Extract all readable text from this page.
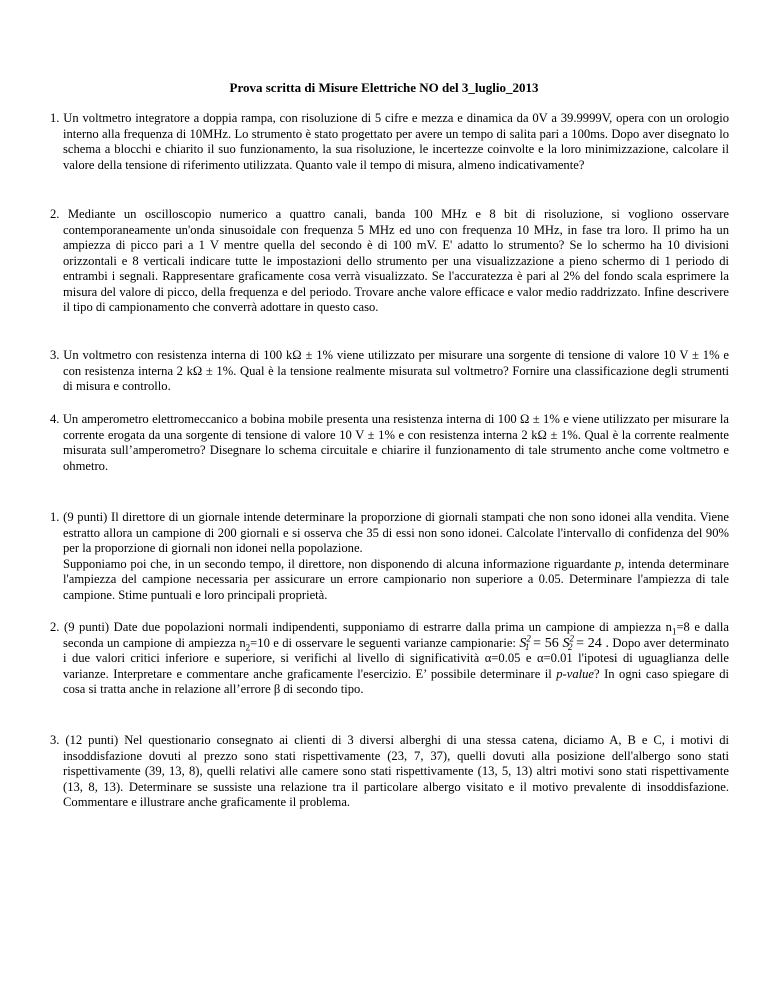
Prova scritta di Misure Elettriche NO del 3_luglio_2013
1. Un voltmetro integratore a doppia rampa, con risoluzione di 5 cifre e mezza e dinamica da 0V a 39.9999V, opera con un orologio interno alla frequenza di 10MHz. Lo strumento è stato progettato per avere un tempo di salita pari a 100ms. Dopo aver disegnato lo schema a blocchi e chiarito il suo funzionamento, la sua risoluzione, le incertezze coinvolte e la loro minimizzazione, calcolare il valore della tensione di riferimento utilizzata. Quanto vale il tempo di misura, almeno indicativamente?
2. Mediante un oscilloscopio numerico a quattro canali, banda 100 MHz e 8 bit di risoluzione, si vogliono osservare contemporaneamente un'onda sinusoidale con frequenza 5 MHz ed uno con frequenza 10 MHz, in fase tra loro. Il primo ha un ampiezza di picco pari a 1 V mentre quella del secondo è di 100 mV. E' adatto lo strumento? Se lo schermo ha 10 divisioni orizzontali e 8 verticali indicare tutte le impostazioni dello strumento per una visualizzazione a pieno schermo di 1 periodo di entrambi i segnali. Rappresentare graficamente cosa verrà visualizzato. Se l'accuratezza è pari al 2% del fondo scala esprimere la misura del valore di picco, della frequenza e del periodo. Trovare anche valore efficace e valor medio raddrizzato. Infine descrivere il tipo di campionamento che converrà adottare in questo caso.
3. Un voltmetro con resistenza interna di 100 kΩ ± 1% viene utilizzato per misurare una sorgente di tensione di valore 10 V ± 1% e con resistenza interna 2 kΩ ± 1%. Qual è la tensione realmente misurata sul voltmetro? Fornire una classificazione degli strumenti di misura e controllo.
4. Un amperometro elettromeccanico a bobina mobile presenta una resistenza interna di 100 Ω ± 1% e viene utilizzato per misurare la corrente erogata da una sorgente di tensione di valore 10 V ± 1% e con resistenza interna 2 kΩ ± 1%. Qual è la corrente realmente misurata sull’amperometro? Disegnare lo schema circuitale e chiarire il funzionamento di tale strumento anche come voltmetro e ohmetro.
1. (9 punti) Il direttore di un giornale intende determinare la proporzione di giornali stampati che non sono idonei alla vendita. Viene estratto allora un campione di 200 giornali e si osserva che 35 di essi non sono idonei. Calcolate l'intervallo di confidenza del 90% per la proporzione di giornali non idonei nella popolazione.
Supponiamo poi che, in un secondo tempo, il direttore, non disponendo di alcuna informazione riguardante p, intenda determinare l'ampiezza del campione necessaria per assicurare un errore campionario non superiore a 0.05. Determinare l'ampiezza di tale campione. Stime puntuali e loro principali proprietà.
2. (9 punti) Date due popolazioni normali indipendenti, supponiamo di estrarre dalla prima un campione di ampiezza $n_1=8$ e dalla seconda un campione di ampiezza $n_2=10$ e di osservare le seguenti varianze campionarie: $S^2_1 = 56$ $S^2_2 = 24$ . Dopo aver determinato i due valori critici inferiore e superiore, si verifichi al livello di significatività α=0.05 e α=0.01 l'ipotesi di uguaglianza delle varianze. Interpretare e commentare anche graficamente l'esercizio. E’ possibile determinare il p-value? In ogni caso spiegare di cosa si tratta anche in relazione all’errore β di secondo tipo.
3. (12 punti) Nel questionario consegnato ai clienti di 3 diversi alberghi di una stessa catena, diciamo A, B e C, i motivi di insoddisfazione dovuti al prezzo sono stati rispettivamente (23, 7, 37), quelli dovuti alla posizione dell'albergo sono stati rispettivamente (39, 13, 8), quelli relativi alle camere sono stati rispettivamente (13, 5, 13) altri motivi sono stati rispettivamente (13, 8, 13). Determinare se sussiste una relazione tra il particolare albergo visitato e il motivo prevalente di insoddisfazione. Commentare e illustrare anche graficamente il problema.
